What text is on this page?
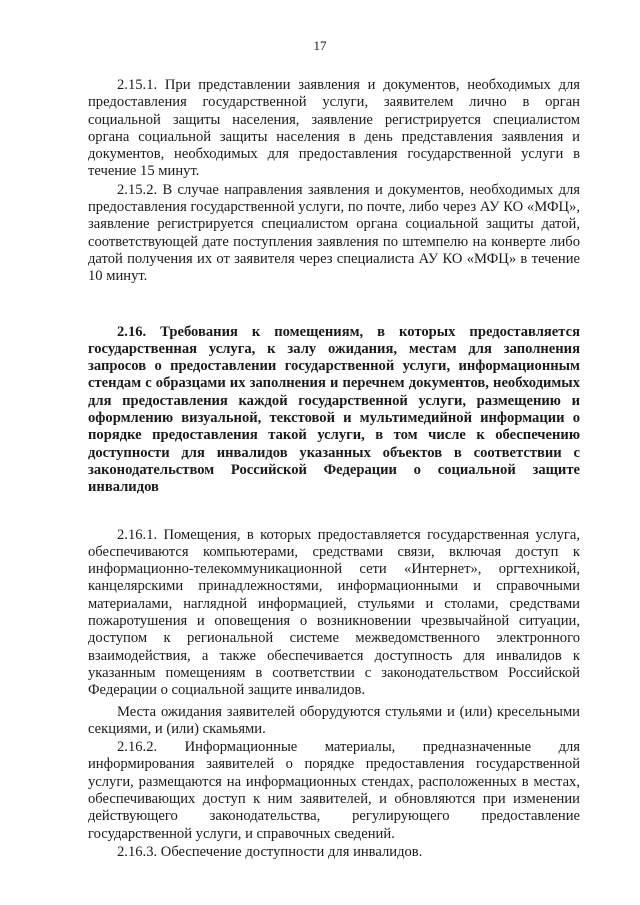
17

2.15.1. При представлении заявления и документов, необходимых для предоставления государственной услуги, заявителем лично в орган социальной защиты населения, заявление регистрируется специалистом органа социальной защиты населения в день представления заявления и документов, необходимых для предоставления государственной услуги в течение 15 минут.

2.15.2. В случае направления заявления и документов, необходимых для предоставления государственной услуги, по почте, либо через АУ КО «МФЦ», заявление регистрируется специалистом органа социальной защиты датой, соответствующей дате поступления заявления по штемпелю на конверте либо датой получения их от заявителя через специалиста АУ КО «МФЦ» в течение 10 минут.

2.16. Требования к помещениям, в которых предоставляется государственная услуга, к залу ожидания, местам для заполнения запросов о предоставлении государственной услуги, информационным стендам с образцами их заполнения и перечнем документов, необходимых для предоставления каждой государственной услуги, размещению и оформлению визуальной, текстовой и мультимедийной информации о порядке предоставления такой услуги, в том числе к обеспечению доступности для инвалидов указанных объектов в соответствии с законодательством Российской Федерации о социальной защите инвалидов

2.16.1. Помещения, в которых предоставляется государственная услуга, обеспечиваются компьютерами, средствами связи, включая доступ к информационно-телекоммуникационной сети «Интернет», оргтехникой, канцелярскими принадлежностями, информационными и справочными материалами, наглядной информацией, стульями и столами, средствами пожаротушения и оповещения о возникновении чрезвычайной ситуации, доступом к региональной системе межведомственного электронного взаимодействия, а также обеспечивается доступность для инвалидов к указанным помещениям в соответствии с законодательством Российской Федерации о социальной защите инвалидов.

Места ожидания заявителей оборудуются стульями и (или) кресельными секциями, и (или) скамьями.

2.16.2. Информационные материалы, предназначенные для информирования заявителей о порядке предоставления государственной услуги, размещаются на информационных стендах, расположенных в местах, обеспечивающих доступ к ним заявителей, и обновляются при изменении действующего законодательства, регулирующего предоставление государственной услуги, и справочных сведений.

2.16.3. Обеспечение доступности для инвалидов.
